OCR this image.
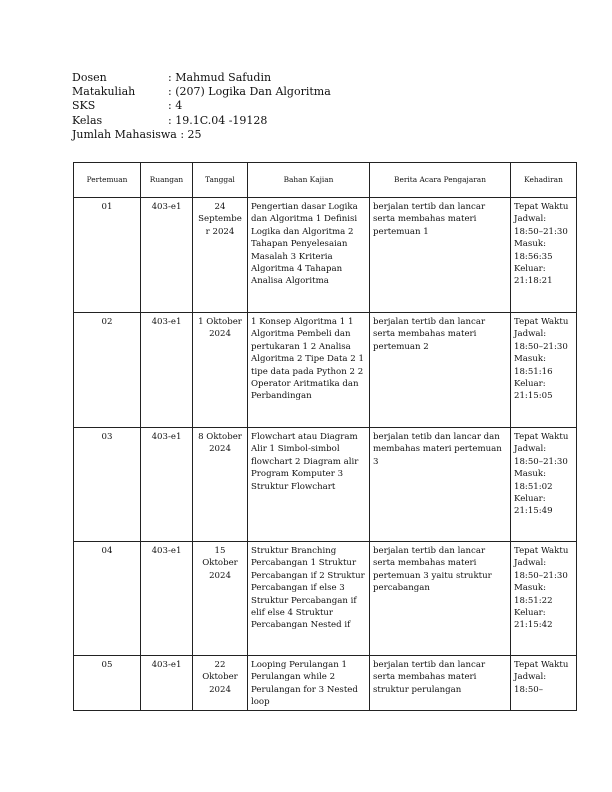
Dosen	: Mahmud Safudin
Matakuliah	: (207) Logika Dan Algoritma
SKS	: 4
Kelas	: 19.1C.04 -19128
Jumlah Mahasiswa : 25
Pertemuan	Ruangan	Tanggal	Bahan Kajian	Berita Acara Pengajaran	Kehadiran
01	403-e1	24 Septembe r 2024	Pengertian dasar Logika dan Algoritma 1 Definisi Logika dan Algoritma 2 Tahapan Penyelesaian Masalah 3 Kriteria Algoritma 4 Tahapan Analisa Algoritma	berjalan tertib dan lancar serta membahas materi pertemuan 1	Tepat Waktu Jadwal: 18:50–21:30 Masuk: 18:56:35 Keluar: 21:18:21
02	403-e1	1 Oktober 2024	1 Konsep Algoritma 1 1 Algoritma Pembeli dan pertukaran 1 2 Analisa Algoritma 2 Tipe Data 2 1 tipe data pada Python 2 2 Operator Aritmatika dan Perbandingan	berjalan tertib dan lancar serta membahas materi pertemuan 2	Tepat Waktu Jadwal: 18:50–21:30 Masuk: 18:51:16 Keluar: 21:15:05
03	403-e1	8 Oktober 2024	Flowchart atau Diagram Alir 1 Simbol-simbol flowchart 2 Diagram alir Program Komputer 3 Struktur Flowchart	berjalan tetib dan lancar dan membahas materi pertemuan 3	Tepat Waktu Jadwal: 18:50–21:30 Masuk: 18:51:02 Keluar: 21:15:49
04	403-e1	15 Oktober 2024	Struktur Branching Percabangan 1 Struktur Percabangan if 2 Struktur Percabangan if else 3 Struktur Percabangan if elif else 4 Struktur Percabangan Nested if	berjalan tertib dan lancar serta membahas materi pertemuan 3 yaitu struktur percabangan	Tepat Waktu Jadwal: 18:50–21:30 Masuk: 18:51:22 Keluar: 21:15:42
05	403-e1	22 Oktober 2024	Looping Perulangan 1 Perulangan while 2 Perulangan for 3 Nested loop	berjalan tertib dan lancar serta membahas materi struktur perulangan	Tepat Waktu Jadwal: 18:50–
